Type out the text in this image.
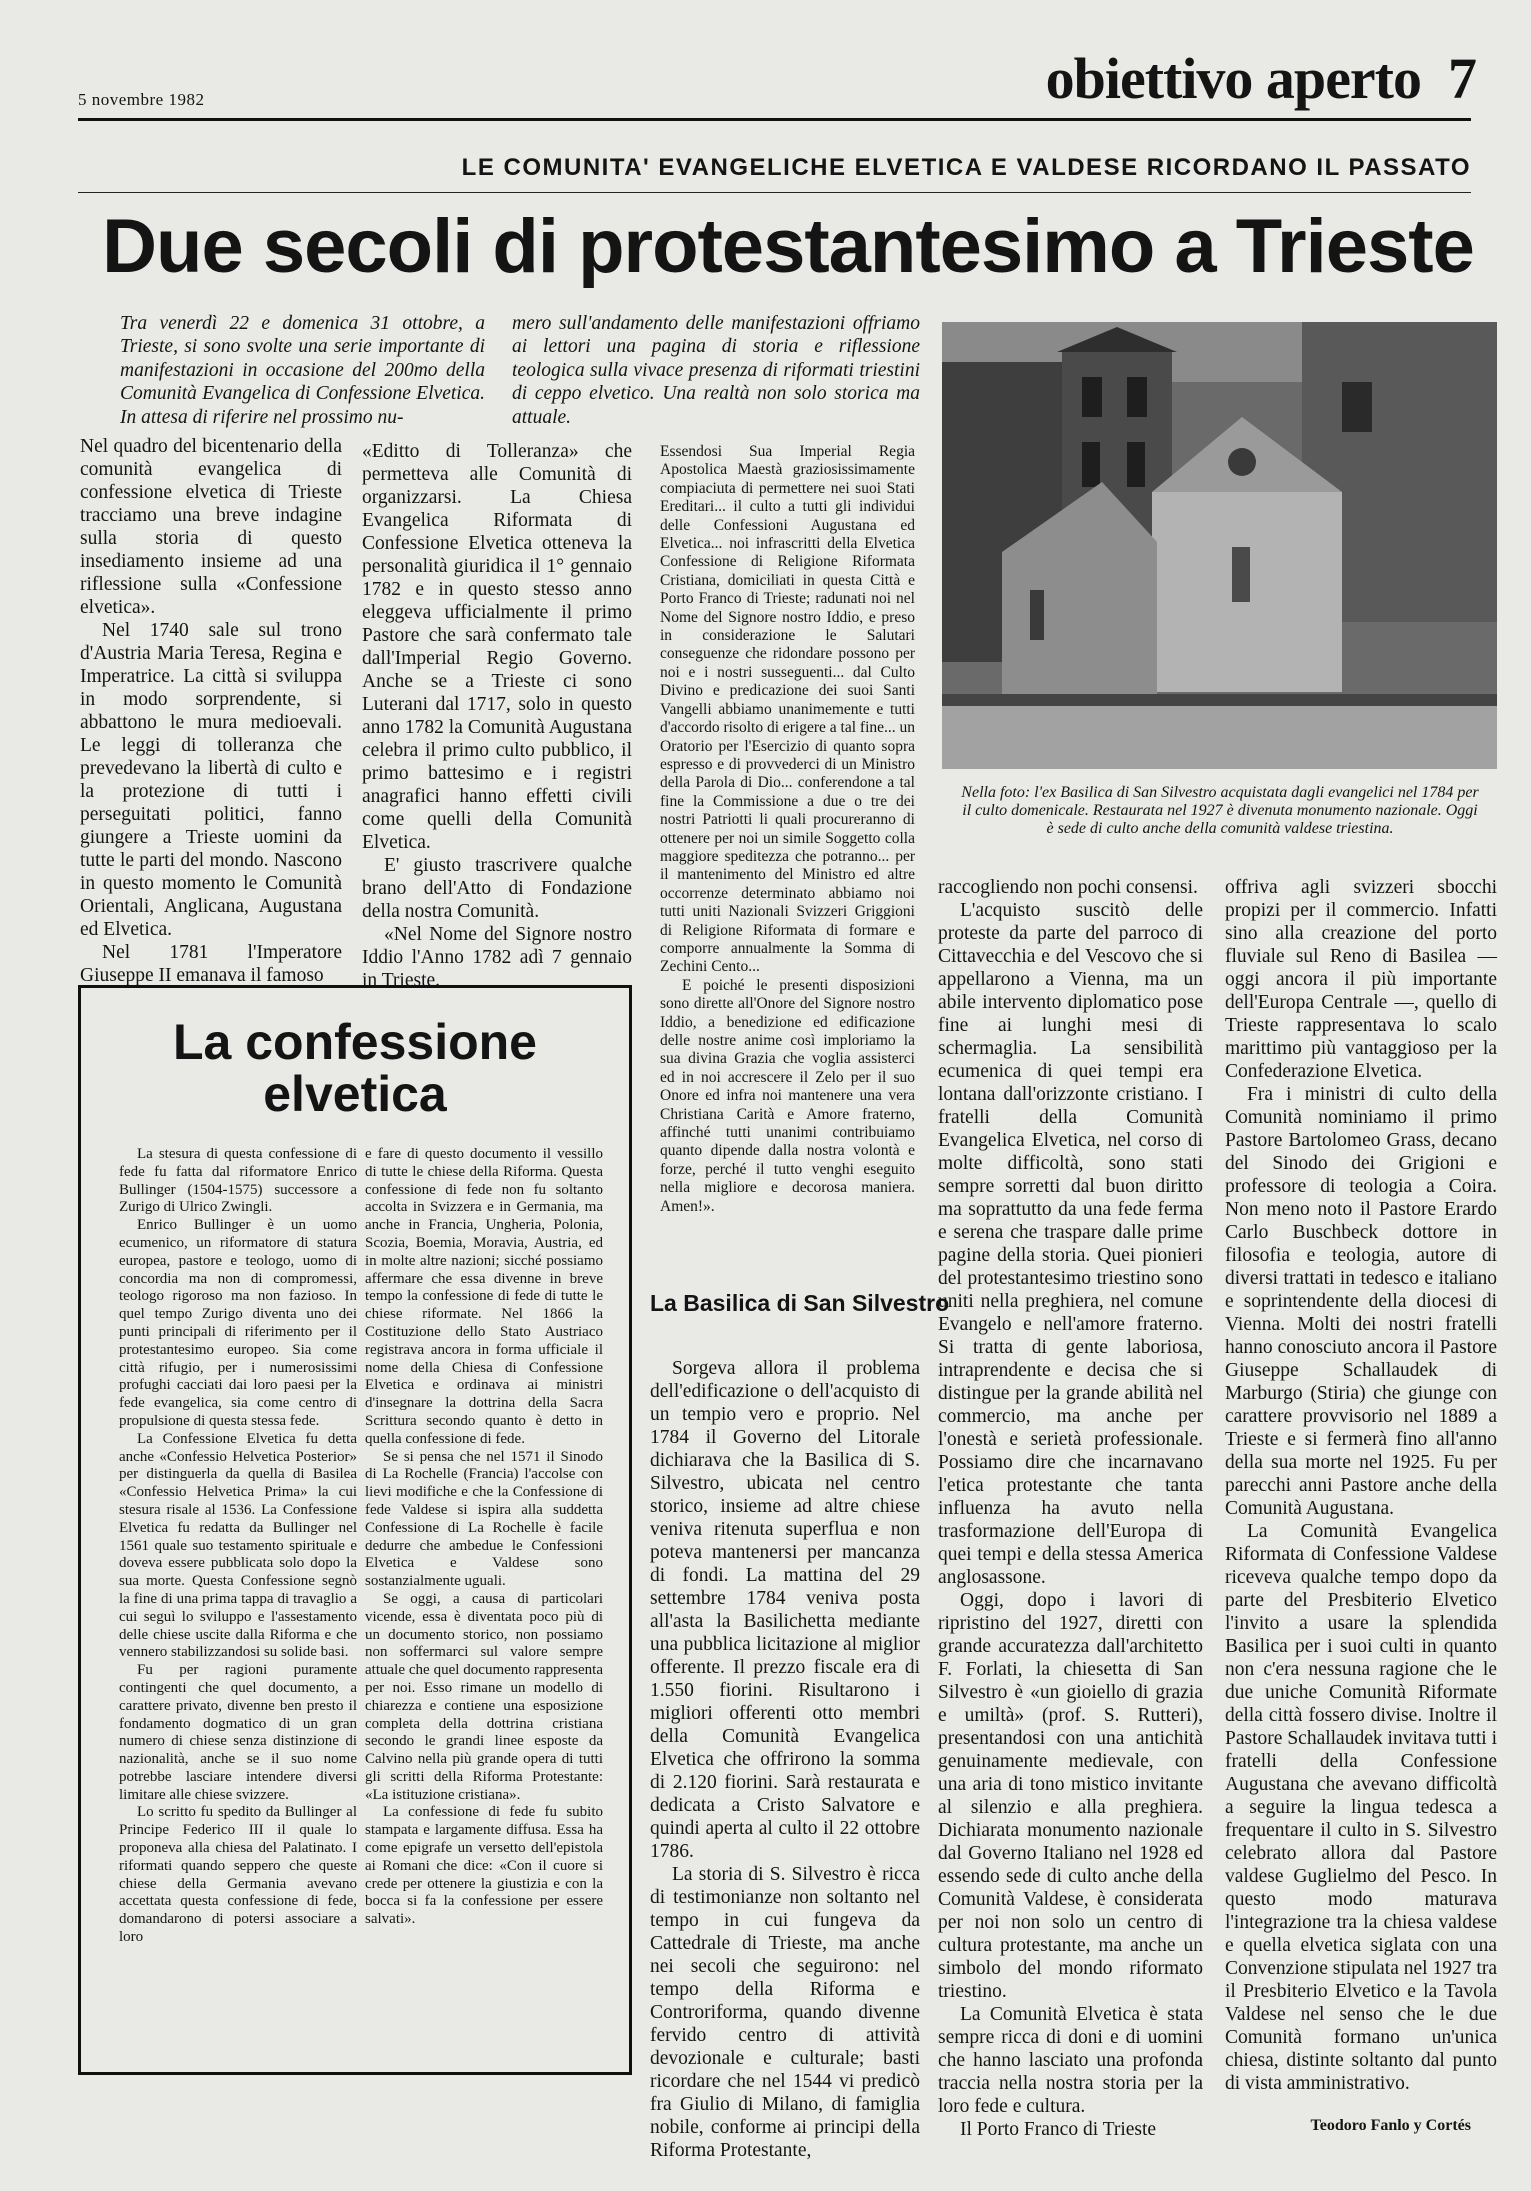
5 novembre 1982	obiettivo aperto 7
LE COMUNITA' EVANGELICHE ELVETICA E VALDESE RICORDANO IL PASSATO
Due secoli di protestantesimo a Trieste
Tra venerdì 22 e domenica 31 ottobre, a Trieste, si sono svolte una serie importante di manifestazioni in occasione del 200mo della Comunità Evangelica di Confessione Elvetica. In attesa di riferire nel prossimo nu-
mero sull'andamento delle manifestazioni offriamo ai lettori una pagina di storia e riflessione teologica sulla vivace presenza di riformati triestini di ceppo elvetico. Una realtà non solo storica ma attuale.
Nella foto: l'ex Basilica di San Silvestro acquistata dagli evangelici nel 1784 per il culto domenicale. Restaurata nel 1927 è divenuta monumento nazionale. Oggi è sede di culto anche della comunità valdese triestina.

Nel quadro del bicentenario della comunità evangelica di confessione elvetica di Trieste tracciamo una breve indagine sulla storia di questo insediamento insieme ad una riflessione sulla «Confessione elvetica».

Nel 1740 sale sul trono d'Austria Maria Teresa, Regina e Imperatrice. La città si sviluppa in modo sorprendente, si abbattono le mura medioevali. Le leggi di tolleranza che prevedevano la libertà di culto e la protezione di tutti i perseguitati politici, fanno giungere a Trieste uomini da tutte le parti del mondo. Nascono in questo momento le Comunità Orientali, Anglicana, Augustana ed Elvetica.

Nel 1781 l'Imperatore Giuseppe II emanava il famoso

«Editto di Tolleranza» che permetteva alle Comunità di organizzarsi. La Chiesa Evangelica Riformata di Confessione Elvetica otteneva la personalità giuridica il 1° gennaio 1782 e in questo stesso anno eleggeva ufficialmente il primo Pastore che sarà confermato tale dall'Imperial Regio Governo. Anche se a Trieste ci sono Luterani dal 1717, solo in questo anno 1782 la Comunità Augustana celebra il primo culto pubblico, il primo battesimo e i registri anagrafici hanno effetti civili come quelli della Comunità Elvetica.

E' giusto trascrivere qualche brano dell'Atto di Fondazione della nostra Comunità.

«Nel Nome del Signore nostro Iddio l'Anno 1782 adì 7 gennaio in Trieste.

Essendosi Sua Imperial Regia Apostolica Maestà graziosissimamente compiaciuta di permettere nei suoi Stati Ereditari... il culto a tutti gli individui delle Confessioni Augustana ed Elvetica... noi infrascritti della Elvetica Confessione di Religione Riformata Cristiana, domiciliati in questa Città e Porto Franco di Trieste; radunati noi nel Nome del Signore nostro Iddio, e preso in considerazione le Salutari conseguenze che ridondare possono per noi e i nostri susseguenti... dal Culto Divino e predicazione dei suoi Santi Vangelli abbiamo unanimemente e tutti d'accordo risolto di erigere a tal fine... un Oratorio per l'Esercizio di quanto sopra espresso e di provvederci di un Ministro della Parola di Dio... conferendone a tal fine la Commissione a due o tre dei nostri Patriotti li quali procureranno di ottenere per noi un simile Soggetto colla maggiore speditezza che potranno... per il mantenimento del Ministro ed altre occorrenze determinato abbiamo noi tutti uniti Nazionali Svizzeri Griggioni di Religione Riformata di formare e comporre annualmente la Somma di Zechini Cento...

E poiché le presenti disposizioni sono dirette all'Onore del Signore nostro Iddio, a benedizione ed edificazione delle nostre anime così imploriamo la sua divina Grazia che voglia assisterci ed in noi accrescere il Zelo per il suo Onore ed infra noi mantenere una vera Christiana Carità e Amore fraterno, affinché tutti unanimi contribuiamo quanto dipende dalla nostra volontà e forze, perché il tutto venghi eseguito nella migliore e decorosa maniera. Amen!».

La Basilica di San Silvestro

Sorgeva allora il problema dell'edificazione o dell'acquisto di un tempio vero e proprio. Nel 1784 il Governo del Litorale dichiarava che la Basilica di S. Silvestro, ubicata nel centro storico, insieme ad altre chiese veniva ritenuta superflua e non poteva mantenersi per mancanza di fondi. La mattina del 29 settembre 1784 veniva posta all'asta la Basilichetta mediante una pubblica licitazione al miglior offerente. Il prezzo fiscale era di 1.550 fiorini. Risultarono i migliori offerenti otto membri della Comunità Evangelica Elvetica che offrirono la somma di 2.120 fiorini. Sarà restaurata e dedicata a Cristo Salvatore e quindi aperta al culto il 22 ottobre 1786.

La storia di S. Silvestro è ricca di testimonianze non soltanto nel tempo in cui fungeva da Cattedrale di Trieste, ma anche nei secoli che seguirono: nel tempo della Riforma e Controriforma, quando divenne fervido centro di attività devozionale e culturale; basti ricordare che nel 1544 vi predicò fra Giulio di Milano, di famiglia nobile, conforme ai principi della Riforma Protestante,

raccogliendo non pochi consensi.

L'acquisto suscitò delle proteste da parte del parroco di Cittavecchia e del Vescovo che si appellarono a Vienna, ma un abile intervento diplomatico pose fine ai lunghi mesi di schermaglia. La sensibilità ecumenica di quei tempi era lontana dall'orizzonte cristiano. I fratelli della Comunità Evangelica Elvetica, nel corso di molte difficoltà, sono stati sempre sorretti dal buon diritto ma soprattutto da una fede ferma e serena che traspare dalle prime pagine della storia. Quei pionieri del protestantesimo triestino sono uniti nella preghiera, nel comune Evangelo e nell'amore fraterno. Si tratta di gente laboriosa, intraprendente e decisa che si distingue per la grande abilità nel commercio, ma anche per l'onestà e serietà professionale. Possiamo dire che incarnavano l'etica protestante che tanta influenza ha avuto nella trasformazione dell'Europa di quei tempi e della stessa America anglosassone.

Oggi, dopo i lavori di ripristino del 1927, diretti con grande accuratezza dall'architetto F. Forlati, la chiesetta di San Silvestro è «un gioiello di grazia e umiltà» (prof. S. Rutteri), presentandosi con una antichità genuinamente medievale, con una aria di tono mistico invitante al silenzio e alla preghiera. Dichiarata monumento nazionale dal Governo Italiano nel 1928 ed essendo sede di culto anche della Comunità Valdese, è considerata per noi non solo un centro di cultura protestante, ma anche un simbolo del mondo riformato triestino.

La Comunità Elvetica è stata sempre ricca di doni e di uomini che hanno lasciato una profonda traccia nella nostra storia per la loro fede e cultura.

Il Porto Franco di Trieste

offriva agli svizzeri sbocchi propizi per il commercio. Infatti sino alla creazione del porto fluviale sul Reno di Basilea — oggi ancora il più importante dell'Europa Centrale —, quello di Trieste rappresentava lo scalo marittimo più vantaggioso per la Confederazione Elvetica.

Fra i ministri di culto della Comunità nominiamo il primo Pastore Bartolomeo Grass, decano del Sinodo dei Grigioni e professore di teologia a Coira. Non meno noto il Pastore Erardo Carlo Buschbeck dottore in filosofia e teologia, autore di diversi trattati in tedesco e italiano e soprintendente della diocesi di Vienna. Molti dei nostri fratelli hanno conosciuto ancora il Pastore Giuseppe Schallaudek di Marburgo (Stiria) che giunge con carattere provvisorio nel 1889 a Trieste e si fermerà fino all'anno della sua morte nel 1925. Fu per parecchi anni Pastore anche della Comunità Augustana.

La Comunità Evangelica Riformata di Confessione Valdese riceveva qualche tempo dopo da parte del Presbiterio Elvetico l'invito a usare la splendida Basilica per i suoi culti in quanto non c'era nessuna ragione che le due uniche Comunità Riformate della città fossero divise. Inoltre il Pastore Schallaudek invitava tutti i fratelli della Confessione Augustana che avevano difficoltà a seguire la lingua tedesca a frequentare il culto in S. Silvestro celebrato allora dal Pastore valdese Guglielmo del Pesco. In questo modo maturava l'integrazione tra la chiesa valdese e quella elvetica siglata con una Convenzione stipulata nel 1927 tra il Presbiterio Elvetico e la Tavola Valdese nel senso che le due Comunità formano un'unica chiesa, distinte soltanto dal punto di vista amministrativo.

Teodoro Fanlo y Cortés
La confessione elvetica

La stesura di questa confessione di fede fu fatta dal riformatore Enrico Bullinger (1504-1575) successore a Zurigo di Ulrico Zwingli.

Enrico Bullinger è un uomo ecumenico, un riformatore di statura europea, pastore e teologo, uomo di concordia ma non di compromessi, teologo rigoroso ma non fazioso. In quel tempo Zurigo diventa uno dei punti principali di riferimento per il protestantesimo europeo. Sia come città rifugio, per i numerosissimi profughi cacciati dai loro paesi per la fede evangelica, sia come centro di propulsione di questa stessa fede.

La Confessione Elvetica fu detta anche «Confessio Helvetica Posterior» per distinguerla da quella di Basilea «Confessio Helvetica Prima» la cui stesura risale al 1536. La Confessione Elvetica fu redatta da Bullinger nel 1561 quale suo testamento spirituale e doveva essere pubblicata solo dopo la sua morte. Questa Confessione segnò la fine di una prima tappa di travaglio a cui seguì lo sviluppo e l'assestamento delle chiese uscite dalla Riforma e che vennero stabilizzandosi su solide basi.

Fu per ragioni puramente contingenti che quel documento, a carattere privato, divenne ben presto il fondamento dogmatico di un gran numero di chiese senza distinzione di nazionalità, anche se il suo nome potrebbe lasciare intendere diversi limitare alle chiese svizzere.

Lo scritto fu spedito da Bullinger al Principe Federico III il quale lo proponeva alla chiesa del Palatinato. I riformati quando seppero che queste chiese della Germania avevano accettata questa confessione di fede, domandarono di potersi associare a loro

e fare di questo documento il vessillo di tutte le chiese della Riforma. Questa confessione di fede non fu soltanto accolta in Svizzera e in Germania, ma anche in Francia, Ungheria, Polonia, Scozia, Boemia, Moravia, Austria, ed in molte altre nazioni; sicché possiamo affermare che essa divenne in breve tempo la confessione di fede di tutte le chiese riformate. Nel 1866 la Costituzione dello Stato Austriaco registrava ancora in forma ufficiale il nome della Chiesa di Confessione Elvetica e ordinava ai ministri d'insegnare la dottrina della Sacra Scrittura secondo quanto è detto in quella confessione di fede.

Se si pensa che nel 1571 il Sinodo di La Rochelle (Francia) l'accolse con lievi modifiche e che la Confessione di fede Valdese si ispira alla suddetta Confessione di La Rochelle è facile dedurre che ambedue le Confessioni Elvetica e Valdese sono sostanzialmente uguali.

Se oggi, a causa di particolari vicende, essa è diventata poco più di un documento storico, non possiamo non soffermarci sul valore sempre attuale che quel documento rappresenta per noi. Esso rimane un modello di chiarezza e contiene una esposizione completa della dottrina cristiana secondo le grandi linee esposte da Calvino nella più grande opera di tutti gli scritti della Riforma Protestante: «La istituzione cristiana».

La confessione di fede fu subito stampata e largamente diffusa. Essa ha come epigrafe un versetto dell'epistola ai Romani che dice: «Con il cuore si crede per ottenere la giustizia e con la bocca si fa la confessione per essere salvati».
